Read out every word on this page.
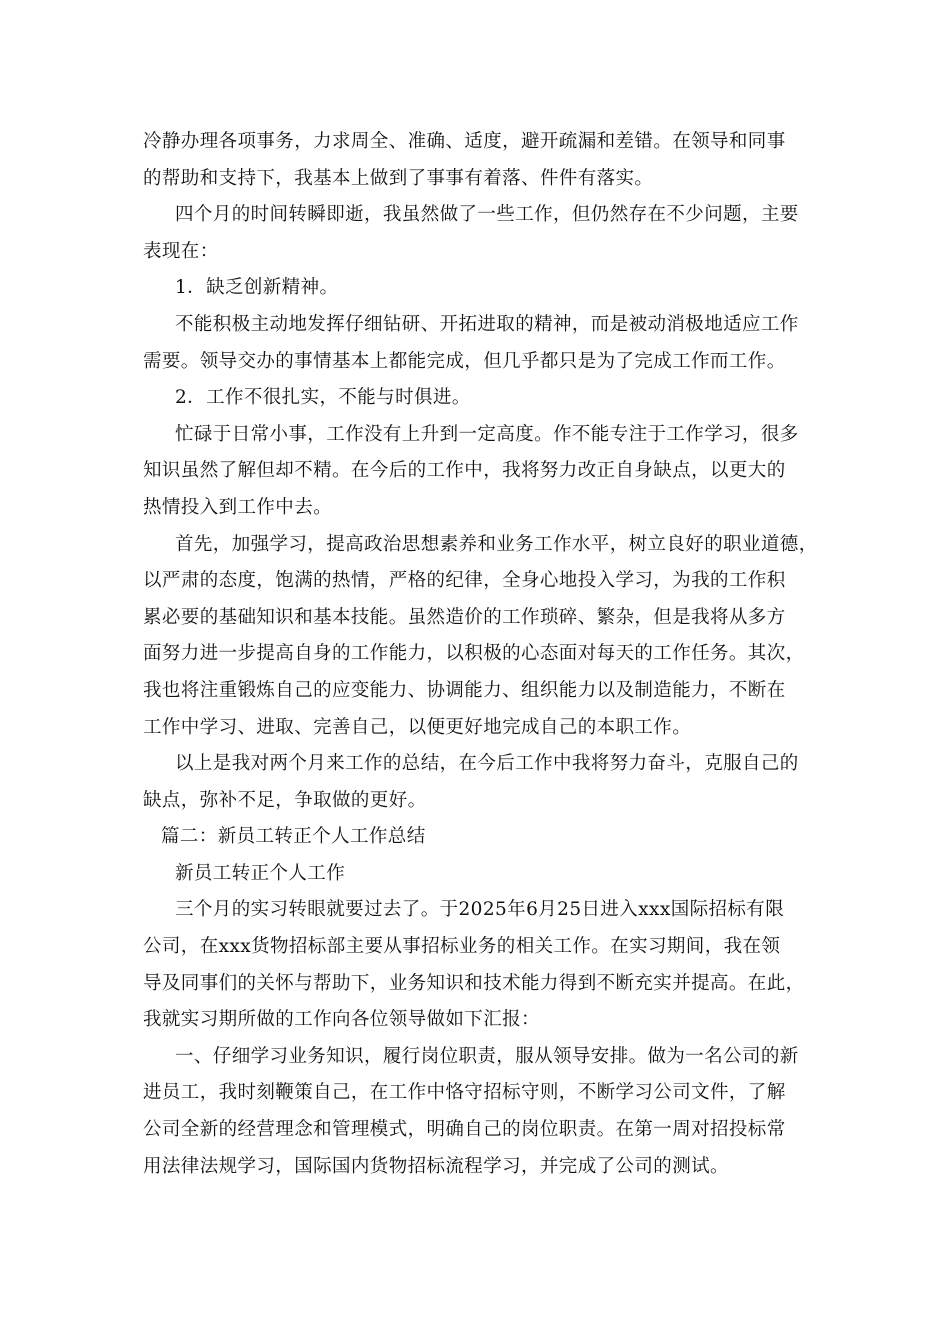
冷静办理各项事务，力求周全、准确、适度，避开疏漏和差错。在领导和同事
的帮助和支持下，我基本上做到了事事有着落、件件有落实。
四个月的时间转瞬即逝，我虽然做了一些工作，但仍然存在不少问题，主要
表现在：
1．缺乏创新精神。
不能积极主动地发挥仔细钻研、开拓进取的精神，而是被动消极地适应工作
需要。领导交办的事情基本上都能完成，但几乎都只是为了完成工作而工作。
2．工作不很扎实，不能与时俱进。
忙碌于日常小事，工作没有上升到一定高度。作不能专注于工作学习，很多
知识虽然了解但却不精。在今后的工作中，我将努力改正自身缺点，以更大的
热情投入到工作中去。
首先，加强学习，提高政治思想素养和业务工作水平，树立良好的职业道德，
以严肃的态度，饱满的热情，严格的纪律，全身心地投入学习，为我的工作积
累必要的基础知识和基本技能。虽然造价的工作琐碎、繁杂，但是我将从多方
面努力进一步提高自身的工作能力，以积极的心态面对每天的工作任务。其次，
我也将注重锻炼自己的应变能力、协调能力、组织能力以及制造能力，不断在
工作中学习、进取、完善自己，以便更好地完成自己的本职工作。
以上是我对两个月来工作的总结，在今后工作中我将努力奋斗，克服自己的
缺点，弥补不足，争取做的更好。
篇二：新员工转正个人工作总结
新员工转正个人工作
三个月的实习转眼就要过去了。于2025年6月25日进入xxx国际招标有限
公司，在xxx货物招标部主要从事招标业务的相关工作。在实习期间，我在领
导及同事们的关怀与帮助下，业务知识和技术能力得到不断充实并提高。在此，
我就实习期所做的工作向各位领导做如下汇报：
一、仔细学习业务知识，履行岗位职责，服从领导安排。做为一名公司的新
进员工，我时刻鞭策自己，在工作中恪守招标守则，不断学习公司文件，了解
公司全新的经营理念和管理模式，明确自己的岗位职责。在第一周对招投标常
用法律法规学习，国际国内货物招标流程学习，并完成了公司的测试。
